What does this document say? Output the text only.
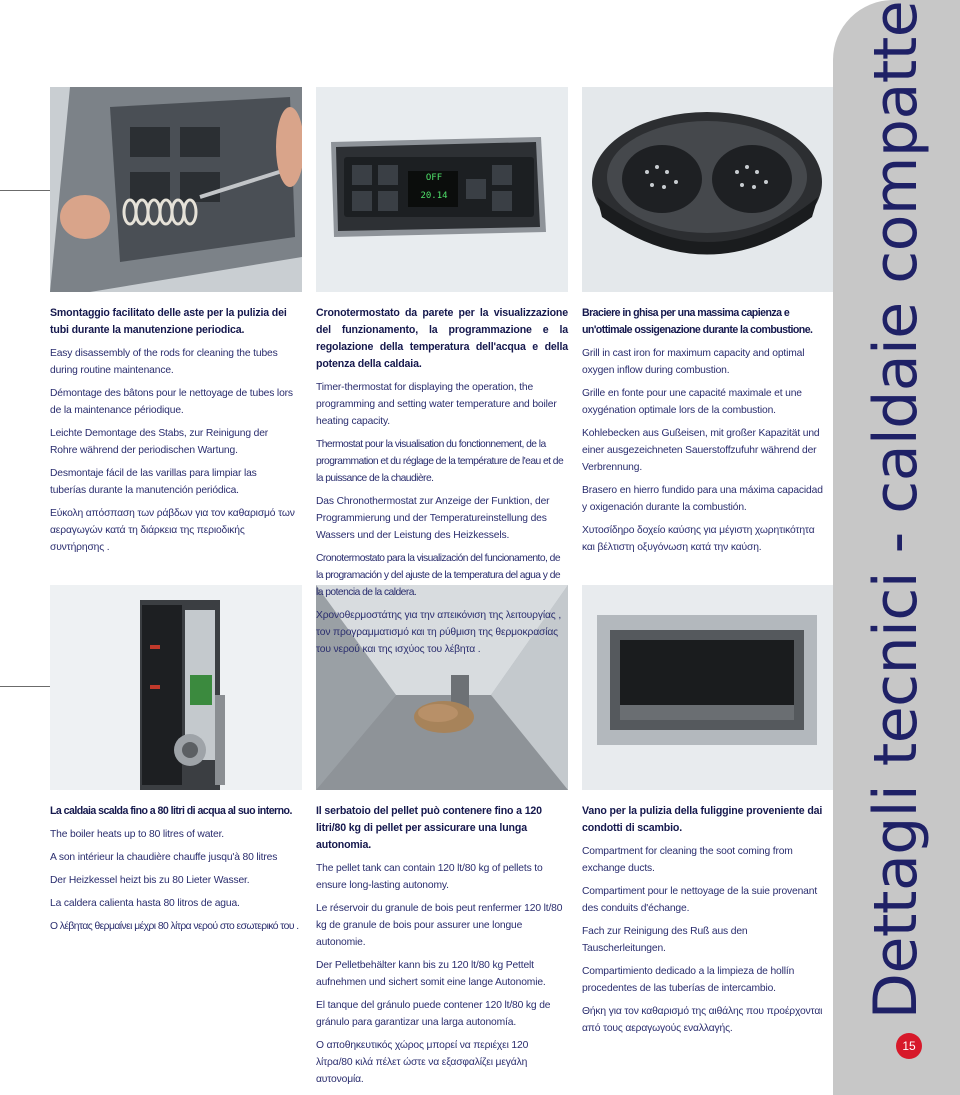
Dettagli tecnici - caldaie compatte
15
OFF
20.14

Smontaggio facilitato delle aste per la pulizia dei tubi durante la manutenzione periodica.

Easy disassembly of the rods for cleaning the tubes during routine maintenance.

Démontage des bâtons pour le nettoyage de tubes lors de la maintenance périodique.

Leichte Demontage des Stabs, zur Reinigung der Rohre während der periodischen Wartung.

Desmontaje fácil de las varillas para limpiar las tuberías durante la manutención periódica.

Εύκολη απόσπαση των ράβδων για τον καθαρισμό των αεραγωγών κατά τη διάρκεια της περιοδικής συντήρησης .

Cronotermostato da parete per la visualizzazione del funzionamento, la programmazione e la regolazione della temperatura dell'acqua e della potenza della caldaia.

Timer-thermostat for displaying the operation, the programming and setting water temperature and boiler heating capacity.

Thermostat pour la visualisation du fonctionnement, de la programmation et du réglage de la température de l'eau et de la puissance de la chaudière.

Das Chronothermostat zur Anzeige der Funktion, der Programmierung und der Temperatureinstellung des Wassers und der Leistung des Heizkessels.

Cronotermostato para la visualización del funcionamento, de la programación y del ajuste de la temperatura del agua y de la potencia de la caldera.

Χρονοθερμοστάτης για την απεικόνιση της λειτουργίας , τον προγραμματισμό και τη ρύθμιση της θερμοκρασίας του νερού και της ισχύος του λέβητα .

Braciere in ghisa per una massima capienza e un'ottimale ossigenazione durante la combustione.

Grill in cast iron for maximum capacity and optimal oxygen inflow during combustion.

Grille en fonte pour une capacité maximale et une oxygénation optimale lors de la combustion.

Kohlebecken aus Gußeisen, mit großer Kapazität und einer ausgezeichneten Sauerstoffzufuhr während der Verbrennung.

Brasero en hierro fundido para una máxima capacidad y oxigenación durante la combustión.

Χυτοσίδηρο δοχείο καύσης για μέγιστη χωρητικότητα και βέλτιστη οξυγόνωση κατά την καύση.

La caldaia scalda fino a 80 litri di acqua al suo interno.

The boiler heats up to 80 litres of water.

A son intérieur la chaudière chauffe jusqu'à 80 litres

Der Heizkessel heizt bis zu 80 Lieter Wasser.

La caldera calienta hasta 80 litros de agua.

Ο λέβητας θερμαίνει μέχρι 80 λίτρα νερού στο εσωτερικό του .

Il serbatoio del pellet può contenere fino a 120 litri/80 kg di pellet per assicurare una lunga autonomia.

The pellet tank can contain 120 lt/80 kg of pellets to ensure long-lasting autonomy.

Le réservoir du granule de bois peut renfermer 120 lt/80 kg de granule de bois pour assurer une longue autonomie.

Der Pelletbehälter kann bis zu 120 lt/80 kg Pettelt aufnehmen und sichert somit eine lange Autonomie.

El tanque del gránulo puede contener 120 lt/80 kg de gránulo para garantizar una larga autonomía.

Ο αποθηκευτικός χώρος μπορεί να περιέχει 120 λίτρα/80 κιλά πέλετ ώστε να εξασφαλίζει μεγάλη αυτονομία.

Vano per la pulizia della fuliggine proveniente dai condotti di scambio.

Compartment for cleaning the soot coming from exchange ducts.

Compartiment pour le nettoyage de la suie provenant des conduits d'échange.

Fach zur Reinigung des Ruß aus den Tauscherleitungen.

Compartimiento dedicado a la limpieza de hollín procedentes de las tuberías de intercambio.

Θήκη για τον καθαρισμό της αιθάλης που προέρχονται από τους αεραγωγούς εναλλαγής.
